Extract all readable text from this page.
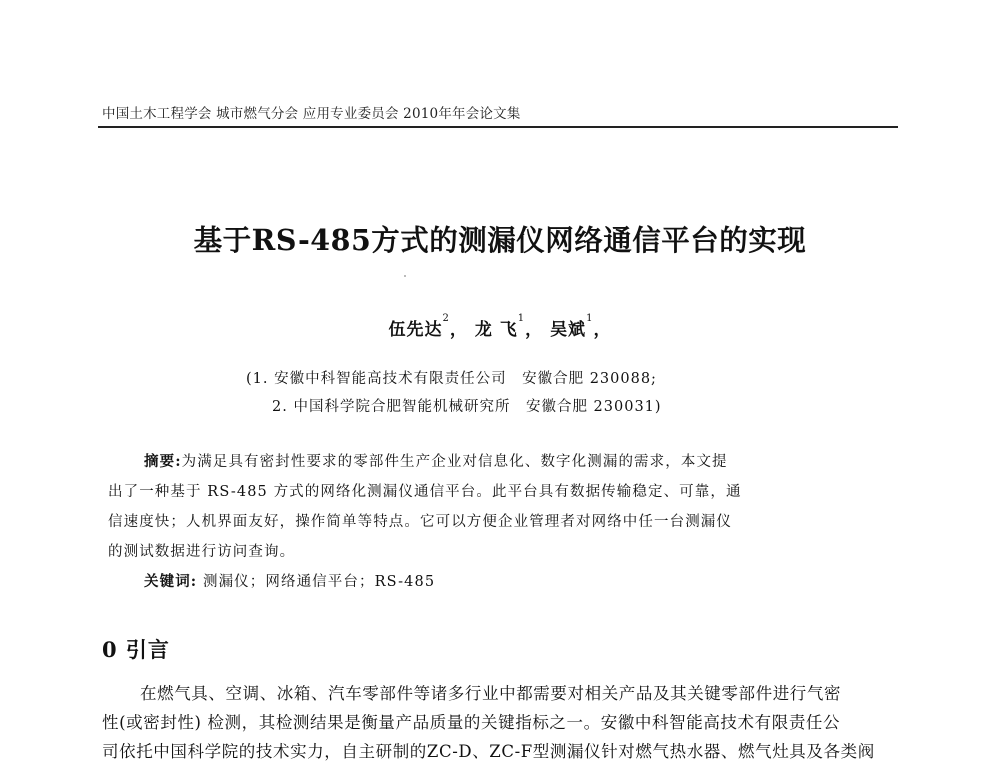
中国土木工程学会 城市燃气分会 应用专业委员会 2010年年会论文集
基于RS-485方式的测漏仪网络通信平台的实现
伍先达$^2$， 龙 飞$^1$， 吴斌$^1$，
(1. 安徽中科智能高技术有限责任公司　安徽合肥 230088;
2. 中国科学院合肥智能机械研究所　安徽合肥 230031)

摘要:为满足具有密封性要求的零部件生产企业对信息化、数字化测漏的需求，本文提

出了一种基于 RS-485 方式的网络化测漏仪通信平台。此平台具有数据传输稳定、可靠，通

信速度快；人机界面友好，操作简单等特点。它可以方便企业管理者对网络中任一台测漏仪

的测试数据进行访问查询。

关键词: 测漏仪；网络通信平台；RS-485
0 引言

在燃气具、空调、冰箱、汽车零部件等诸多行业中都需要对相关产品及其关键零部件进行气密

性(或密封性) 检测，其检测结果是衡量产品质量的关键指标之一。安徽中科智能高技术有限责任公

司依托中国科学院的技术实力，自主研制的ZC-D、ZC-F型测漏仪针对燃气热水器、燃气灶具及各类阀
